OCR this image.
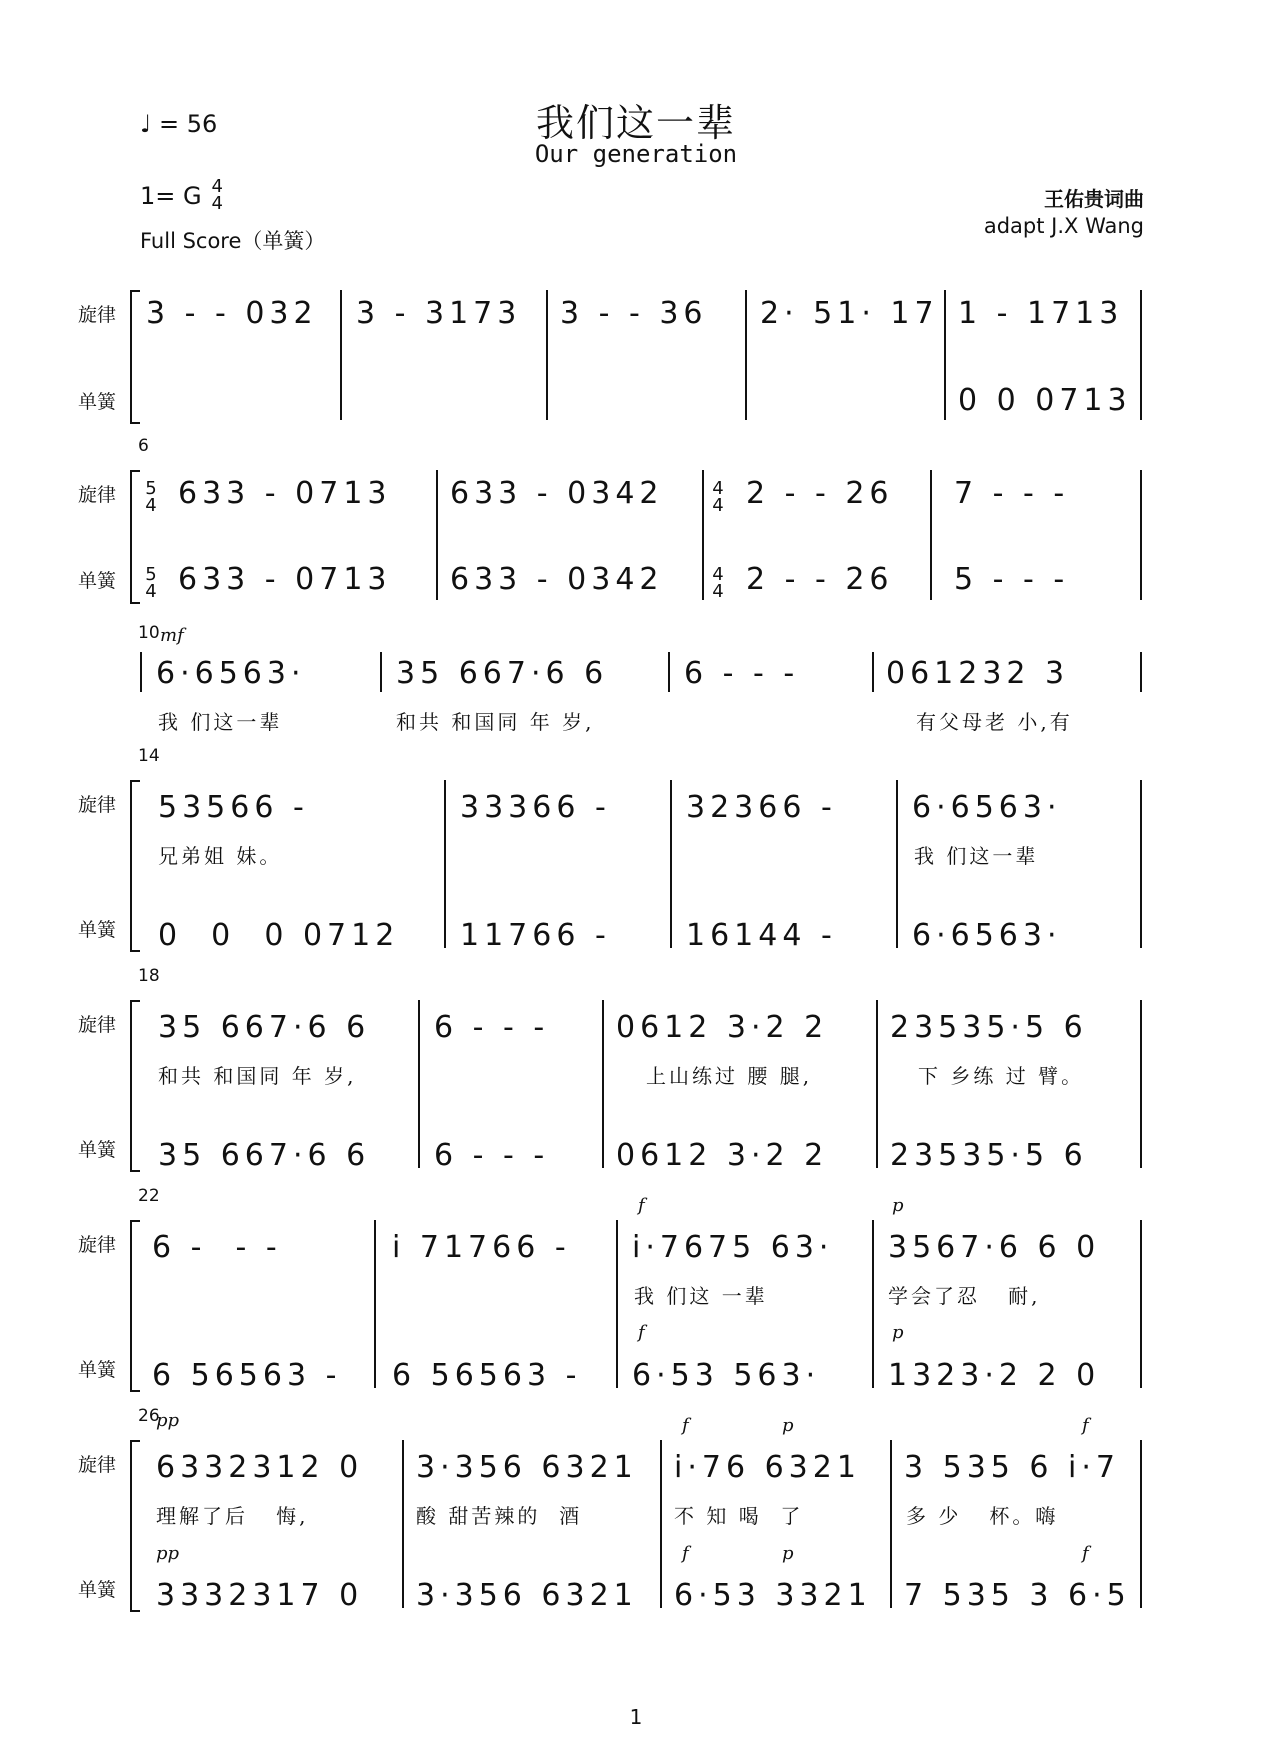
我们这一辈
Our generation
♩ = 56
1= G 4
4
Full Score（单簧）
王佑贵词曲
adapt J.X Wang
旋律
单簧
3 - - 032 3 - 3173 3 - - 36 2· 51· 17 1 - 1713
0 0 0713
6
旋律
单簧
5
4
5
4
4
4
4
4
633 - 0713 633 - 0342	2 - - 26 7 - - -
633 - 0713 633 - 0342	2 - - 26 5 - - -
10 mf
6·6563·	35 667·6 6	6 - - -	061232 3
我 们这一辈	和共 和国同 年 岁,	有父母老 小,有
14
旋律
单簧
53566 -	33366 -	32366 -	6·6563·
兄弟姐 妹。	我 们这一辈
0  0  0 0712 11766 -	16144 -	6·6563·
18
旋律
单簧
35 667·6 6 6 - - - 0612 3·2 2 23535·5 6
和共 和国同 年 岁,	上山练过 腰 腿,	下 乡练 过 臂。
35 667·6 6 6 - - - 0612 3·2 2 23535·5 6
22
旋律
单簧
f	p
6 -  - -	i 71766 - i·7675 63· 3567·6 6 0
我 们这 一辈	学会了忍   耐,
f	p
6 56563 - 6 56563 - 6·53 563· 1323·2 2 0
26
pp
旋律
单簧
f	p	f
6332312 0 3·356 6321 i·76 6321 3 535 6 i·7
理解了后   悔,	酸 甜苦辣的  酒	不 知 喝  了	多 少   杯。嗨
pp	f	p	f
3332317 0 3·356 6321 6·53 3321 7 535 3 6·5
1
